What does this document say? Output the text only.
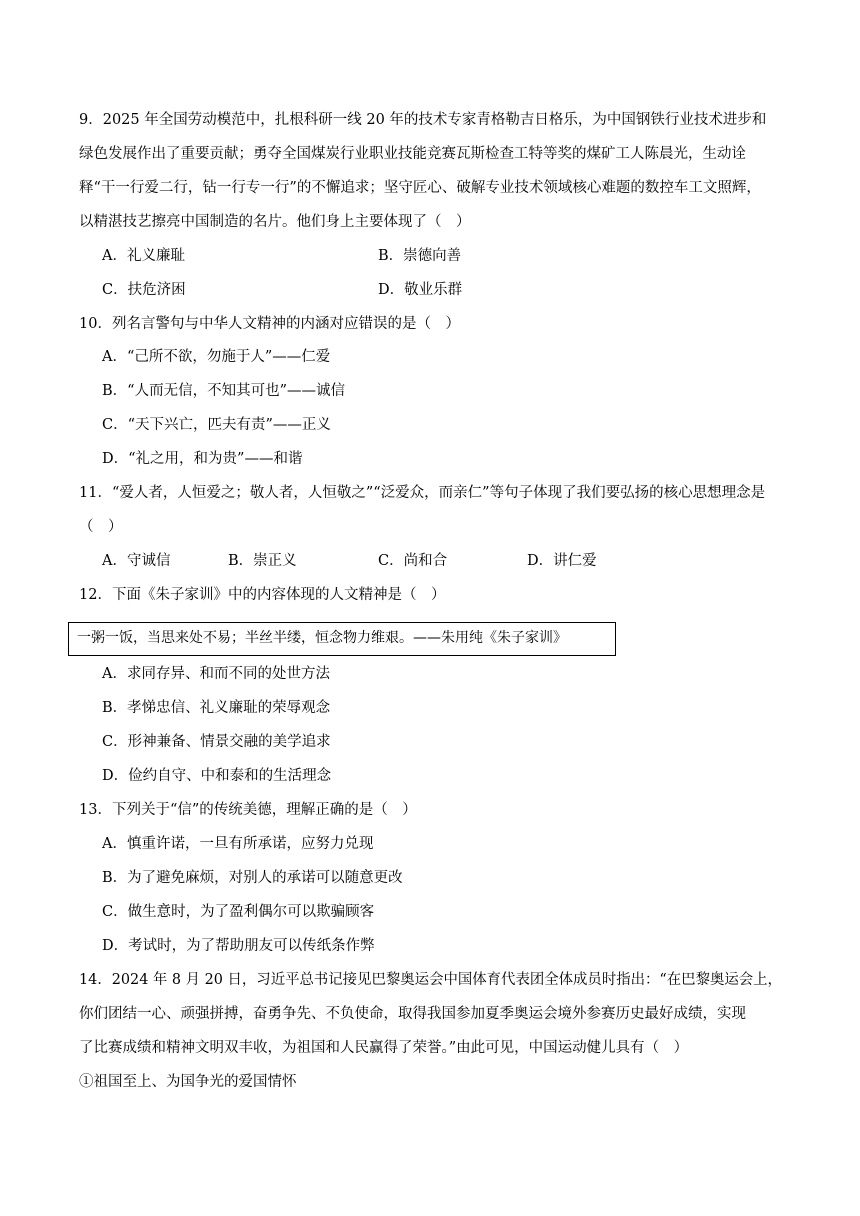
9．2025 年全国劳动模范中，扎根科研一线 20 年的技术专家青格勒吉日格乐，为中国钢铁行业技术进步和
绿色发展作出了重要贡献；勇夺全国煤炭行业职业技能竞赛瓦斯检查工特等奖的煤矿工人陈晨光，生动诠
释“干一行爱二行，钻一行专一行”的不懈追求；坚守匠心、破解专业技术领域核心难题的数控车工文照辉，
以精湛技艺擦亮中国制造的名片。他们身上主要体现了（　）
A．礼义廉耻	B．崇德向善
C．扶危济困	D．敬业乐群
10．列名言警句与中华人文精神的内涵对应错误的是（　）
A．“己所不欲，勿施于人”——仁爱
B．“人而无信，不知其可也”——诚信
C．“天下兴亡，匹夫有责”——正义
D．“礼之用，和为贵”——和谐
11．“爱人者，人恒爱之；敬人者，人恒敬之”“泛爱众，而亲仁”等句子体现了我们要弘扬的核心思想理念是
（　）
A．守诚信	B．崇正义	C．尚和合	D．讲仁爱
12．下面《朱子家训》中的内容体现的人文精神是（　）
一粥一饭，当思来处不易；半丝半缕，恒念物力维艰。——朱用纯《朱子家训》
A．求同存异、和而不同的处世方法
B．孝悌忠信、礼义廉耻的荣辱观念
C．形神兼备、情景交融的美学追求
D．俭约自守、中和泰和的生活理念
13．下列关于“信”的传统美德，理解正确的是（　）
A．慎重许诺，一旦有所承诺，应努力兑现
B．为了避免麻烦，对别人的承诺可以随意更改
C．做生意时，为了盈利偶尔可以欺骗顾客
D．考试时，为了帮助朋友可以传纸条作弊
14．2024 年 8 月 20 日，习近平总书记接见巴黎奥运会中国体育代表团全体成员时指出：“在巴黎奥运会上，
你们团结一心、顽强拼搏，奋勇争先、不负使命，取得我国参加夏季奥运会境外参赛历史最好成绩，实现
了比赛成绩和精神文明双丰收，为祖国和人民赢得了荣誉。”由此可见，中国运动健儿具有（　）
①祖国至上、为国争光的爱国情怀
